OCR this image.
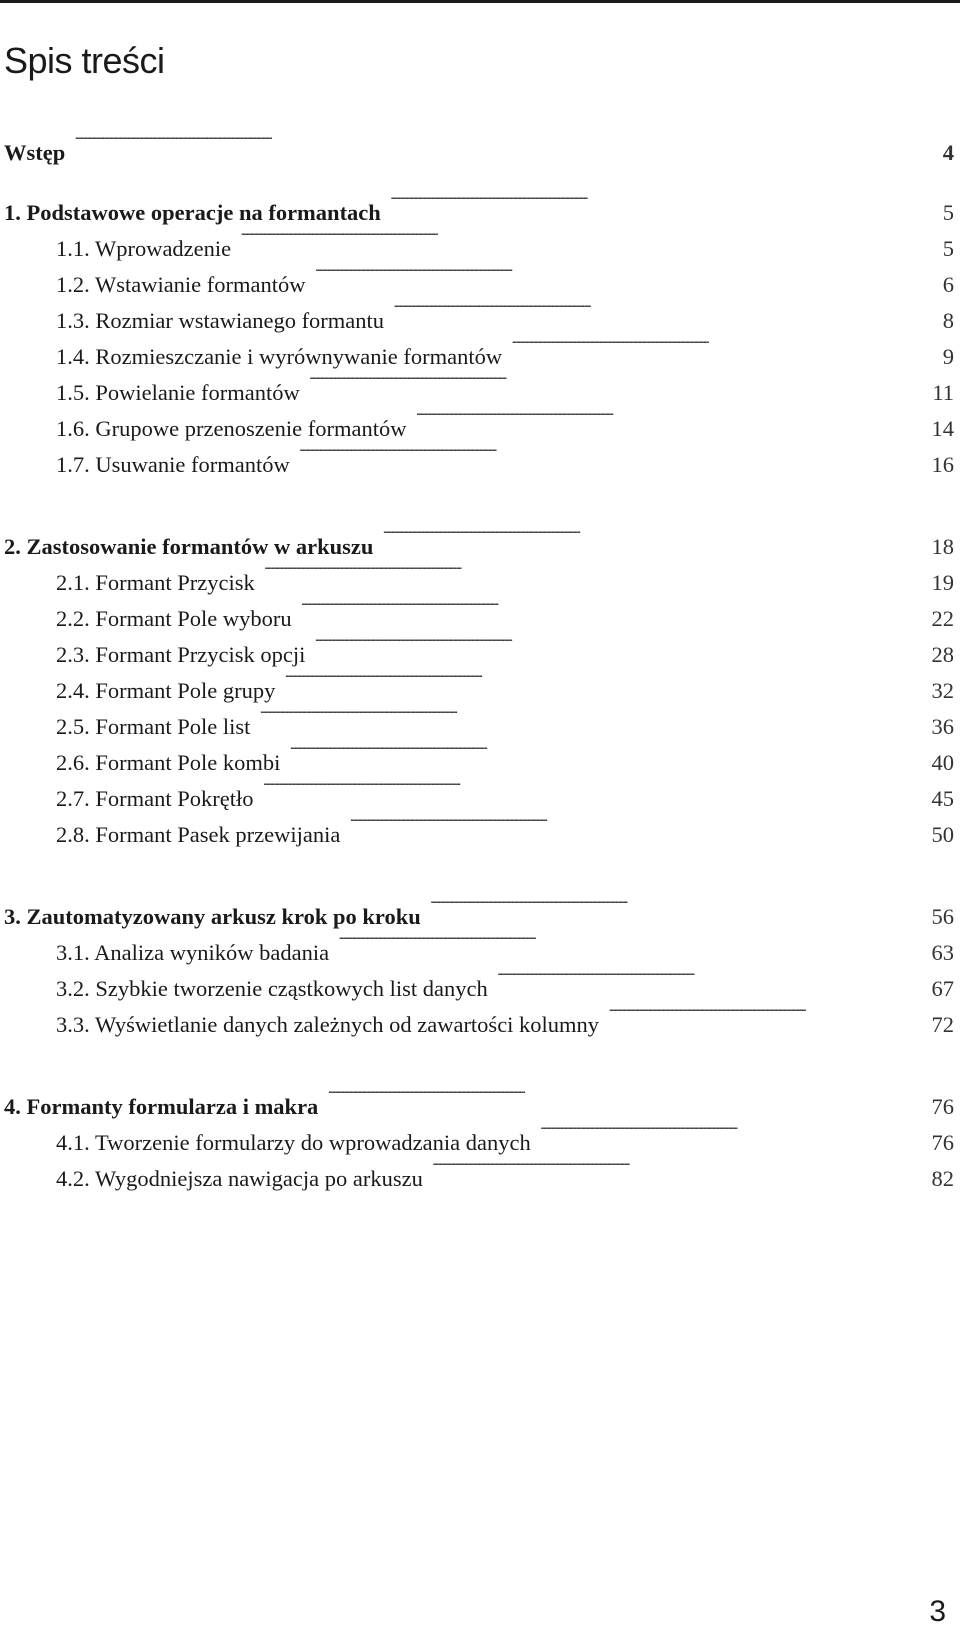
Spis treści
Wstęp . . .	4
1. Podstawowe operacje na formantach . . .	5
1.1. Wprowadzenie . . .	5
1.2. Wstawianie formantów . . .	6
1.3. Rozmiar wstawianego formantu . . .	8
1.4. Rozmieszczanie i wyrównywanie formantów . . .	9
1.5. Powielanie formantów . . .	11
1.6. Grupowe przenoszenie formantów . . .	14
1.7. Usuwanie formantów . . .	16
2. Zastosowanie formantów w arkuszu . . .	18
2.1. Formant Przycisk . . .	19
2.2. Formant Pole wyboru . . .	22
2.3. Formant Przycisk opcji . . .	28
2.4. Formant Pole grupy . . .	32
2.5. Formant Pole list . . .	36
2.6. Formant Pole kombi . . .	40
2.7. Formant Pokrętło . . .	45
2.8. Formant Pasek przewijania . . .	50
3. Zautomatyzowany arkusz krok po kroku . . .	56
3.1. Analiza wyników badania . . .	63
3.2. Szybkie tworzenie cząstkowych list danych . . .	67
3.3. Wyświetlanie danych zależnych od zawartości kolumny . . .	72
4. Formanty formularza i makra . . .	76
4.1. Tworzenie formularzy do wprowadzania danych . . .	76
4.2. Wygodniejsza nawigacja po arkuszu . . .	82
3
